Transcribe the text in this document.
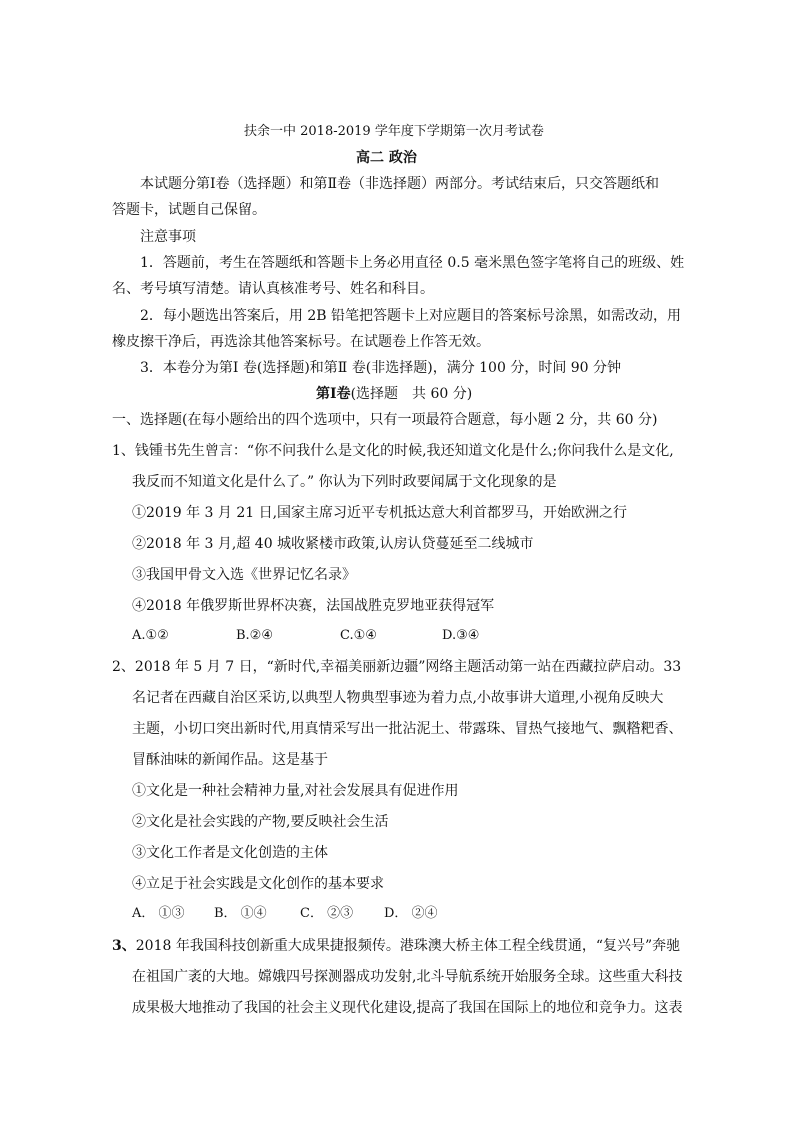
扶余一中 2018-2019 学年度下学期第一次月考试卷
高二 政治
本试题分第Ⅰ卷（选择题）和第Ⅱ卷（非选择题）两部分。考试结束后，只交答题纸和
答题卡，试题自己保留。
注意事项
1．答题前，考生在答题纸和答题卡上务必用直径 0.5 毫米黑色签字笔将自己的班级、姓
名、考号填写清楚。请认真核准考号、姓名和科目。
2．每小题选出答案后，用 2B 铅笔把答题卡上对应题目的答案标号涂黑，如需改动，用
橡皮擦干净后，再选涂其他答案标号。在试题卷上作答无效。
3．本卷分为第Ⅰ 卷(选择题)和第Ⅱ 卷(非选择题)，满分 100 分，时间 90 分钟
第Ⅰ卷(选择题　共 60 分)
一、选择题(在每小题给出的四个选项中，只有一项最符合题意，每小题 2 分，共 60 分)
1、钱锺书先生曾言：“你不问我什么是文化的时候,我还知道文化是什么;你问我什么是文化,
我反而不知道文化是什么了。” 你认为下列时政要闻属于文化现象的是
①2019 年 3 月 21 日,国家主席习近平专机抵达意大利首都罗马，开始欧洲之行
②2018 年 3 月,超 40 城收紧楼市政策,认房认贷蔓延至二线城市
③我国甲骨文入选《世界记忆名录》
④2018 年俄罗斯世界杯决赛，法国战胜克罗地亚获得冠军
A.①②	B.②④	C.①④	D.③④
2、2018 年 5 月 7 日，“新时代,幸福美丽新边疆”网络主题活动第一站在西藏拉萨启动。33
名记者在西藏自治区采访,以典型人物典型事迹为着力点,小故事讲大道理,小视角反映大
主题，小切口突出新时代,用真情采写出一批沾泥土、带露珠、冒热气接地气、飘糌粑香、
冒酥油味的新闻作品。这是基于
①文化是一种社会精神力量,对社会发展具有促进作用
②文化是社会实践的产物,要反映社会生活
③文化工作者是文化创造的主体
④立足于社会实践是文化创作的基本要求
A． ①③ B． ①④	C． ②③ D． ②④
3、2018 年我国科技创新重大成果捷报频传。港珠澳大桥主体工程全线贯通，“复兴号”奔驰
在祖国广袤的大地。嫦娥四号探测器成功发射,北斗导航系统开始服务全球。这些重大科技
成果极大地推动了我国的社会主义现代化建设,提高了我国在国际上的地位和竞争力。这表
